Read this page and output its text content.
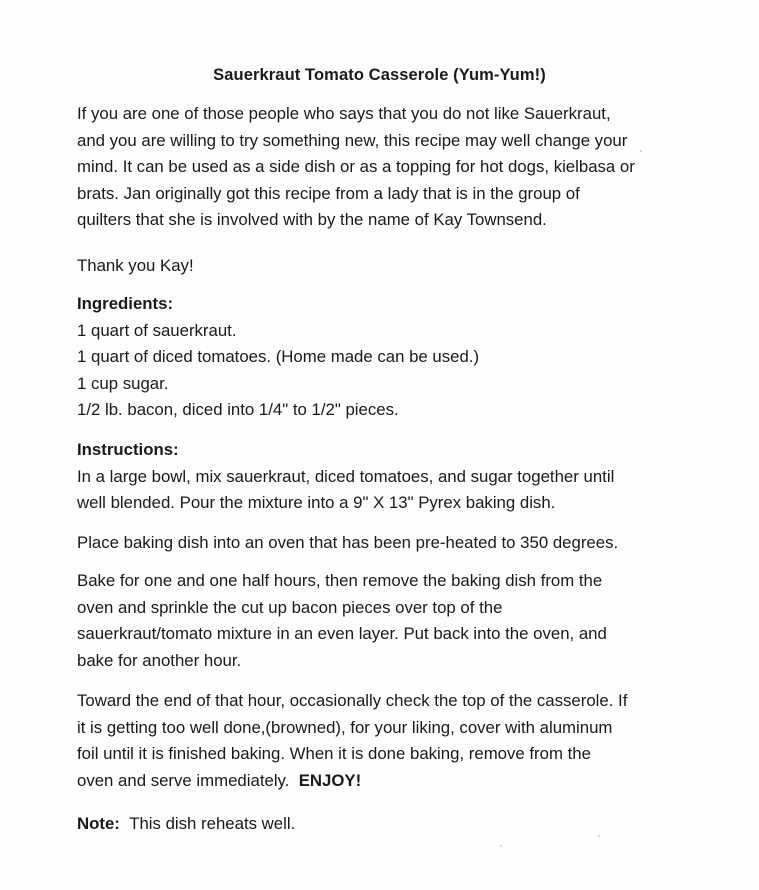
Sauerkraut Tomato Casserole (Yum-Yum!)
If you are one of those people who says that you do not like Sauerkraut,
and you are willing to try something new, this recipe may well change your
mind. It can be used as a side dish or as a topping for hot dogs, kielbasa or
brats. Jan originally got this recipe from a lady that is in the group of
quilters that she is involved with by the name of Kay Townsend.
Thank you Kay!
Ingredients:
1 quart of sauerkraut.
1 quart of diced tomatoes. (Home made can be used.)
1 cup sugar.
1/2 lb. bacon, diced into 1/4" to 1/2" pieces.
Instructions:
In a large bowl, mix sauerkraut, diced tomatoes, and sugar together until
well blended. Pour the mixture into a 9" X 13" Pyrex baking dish.
Place baking dish into an oven that has been pre-heated to 350 degrees.
Bake for one and one half hours, then remove the baking dish from the
oven and sprinkle the cut up bacon pieces over top of the
sauerkraut/tomato mixture in an even layer. Put back into the oven, and
bake for another hour.
Toward the end of that hour, occasionally check the top of the casserole. If
it is getting too well done,(browned), for your liking, cover with aluminum
foil until it is finished baking. When it is done baking, remove from the
oven and serve immediately. ENJOY!
Note: This dish reheats well.
